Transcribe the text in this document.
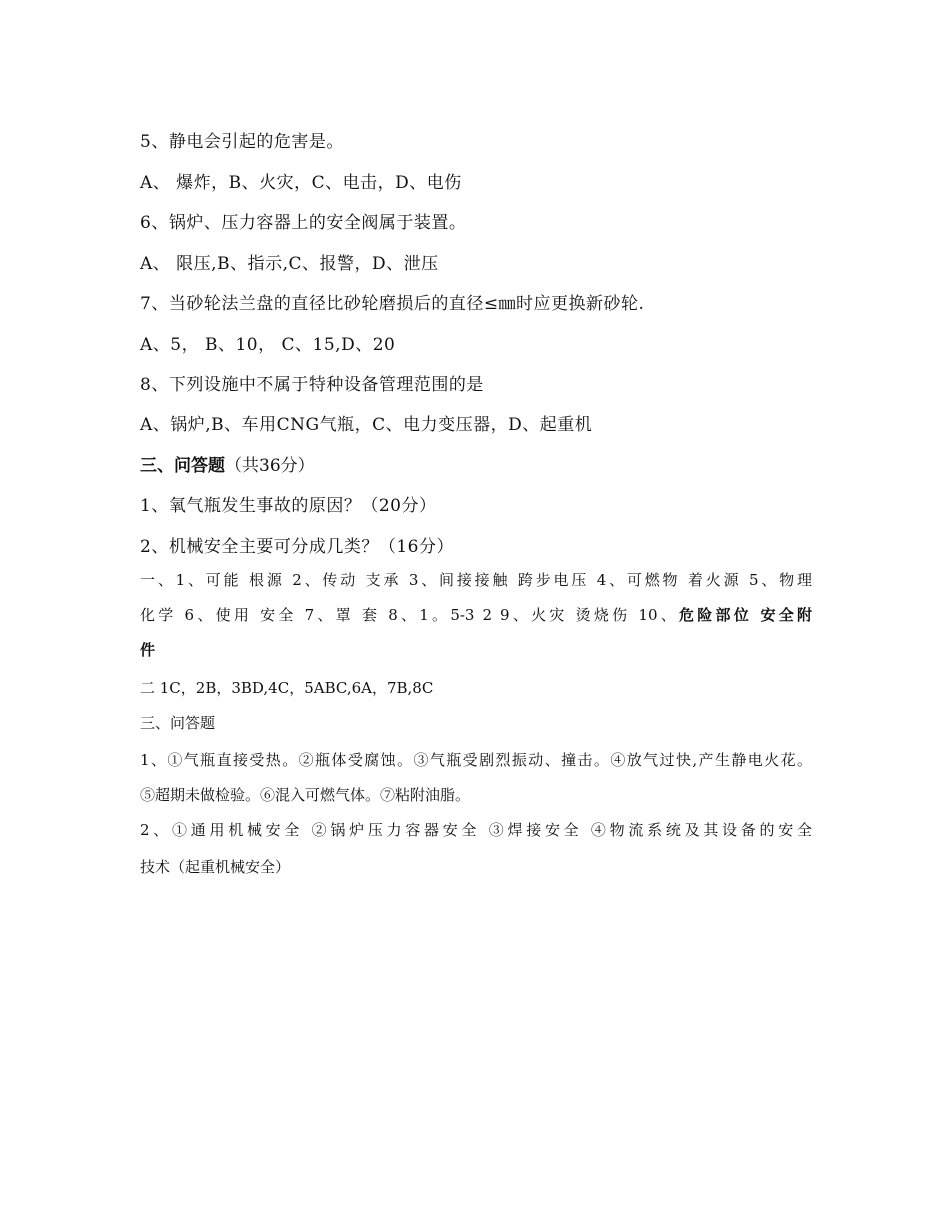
5、静电会引起的危害是。
A、 爆炸，B、火灾，C、电击，D、电伤
6、锅炉、压力容器上的安全阀属于装置。
A、 限压,B、指示,C、报警，D、泄压
7、当砂轮法兰盘的直径比砂轮磨损后的直径≤㎜时应更换新砂轮.
A、5， B、10， C、15,D、20
8、下列设施中不属于特种设备管理范围的是
A、锅炉,B、车用CNG气瓶，C、电力变压器，D、起重机
三、问答题（共36分）
1、氧气瓶发生事故的原因？（20分）
2、机械安全主要可分成几类？（16分）
一、1、可能 根源 2、传动 支承 3、间接接触 跨步电压 4、可燃物 着火源 5、物理
化学 6、使用 安全 7、罩 套 8、1。5-3 2 9、火灾 烫烧伤 10、危险部位 安全附
件
二 1C，2B，3BD,4C，5ABC,6A，7B,8C
三、问答题
1、①气瓶直接受热。②瓶体受腐蚀。③气瓶受剧烈振动、撞击。④放气过快,产生静电火花。
⑤超期未做检验。⑥混入可燃气体。⑦粘附油脂。
2、①通用机械安全 ②锅炉压力容器安全 ③焊接安全 ④物流系统及其设备的安全
技术（起重机械安全）
